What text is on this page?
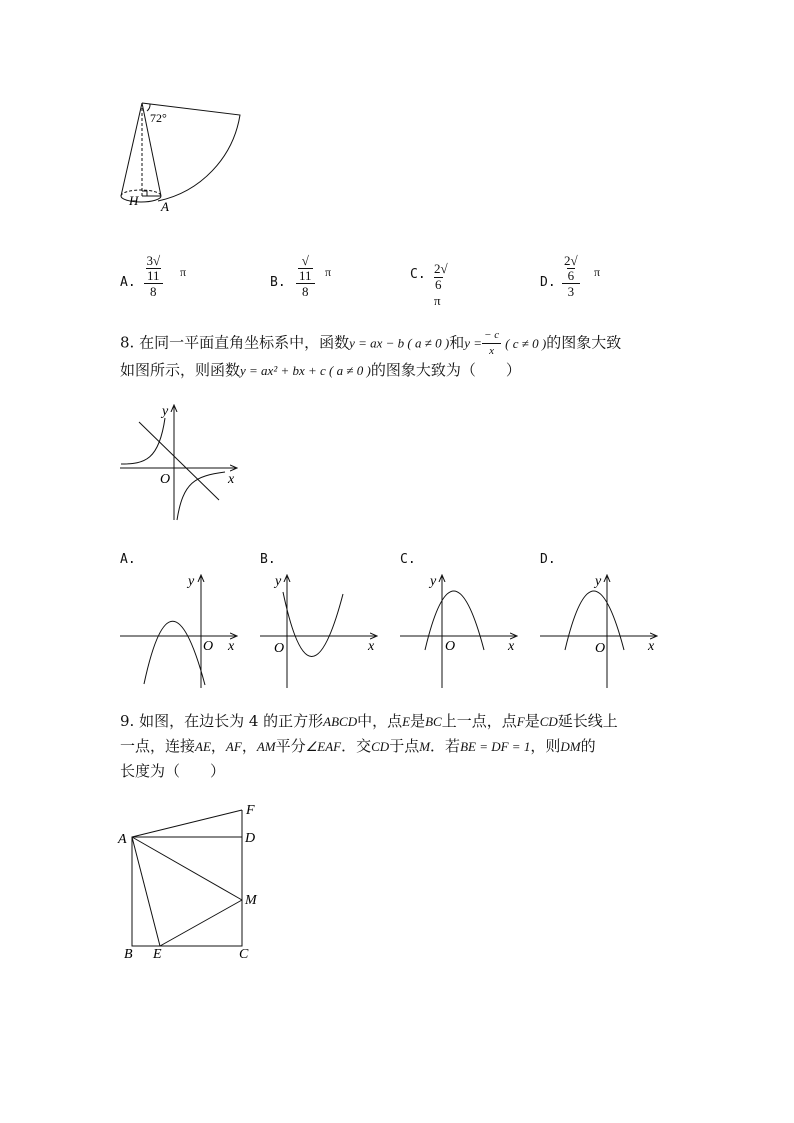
72°
H A
A. $\frac{3√11}{8}$ π
B. $\frac{√11}{8}$ π	C. 2√6 π
D. $\frac{2√6}{3}$ π
8. 在同一平面直角坐标系中，函数y = ax − b ( a ≠ 0 )和$y = \frac{- c}{x}$ ( c ≠ 0 )的图象大致
如图所示，则函数y = ax² + bx + c ( a ≠ 0 )的图象大致为（　　）
y
x
O
A.	B.	C.	D.
y
x
O
y
x
O
y
x
O
y
x
O
9. 如图，在边长为 4 的正方形ABCD中，点E是BC上一点，点F是CD延长线上
一点，连接AE，AF，AM平分∠EAF．交CD于点M．若BE = DF = 1，则DM的
长度为（　　）
A
B	C
D
E
F
M
